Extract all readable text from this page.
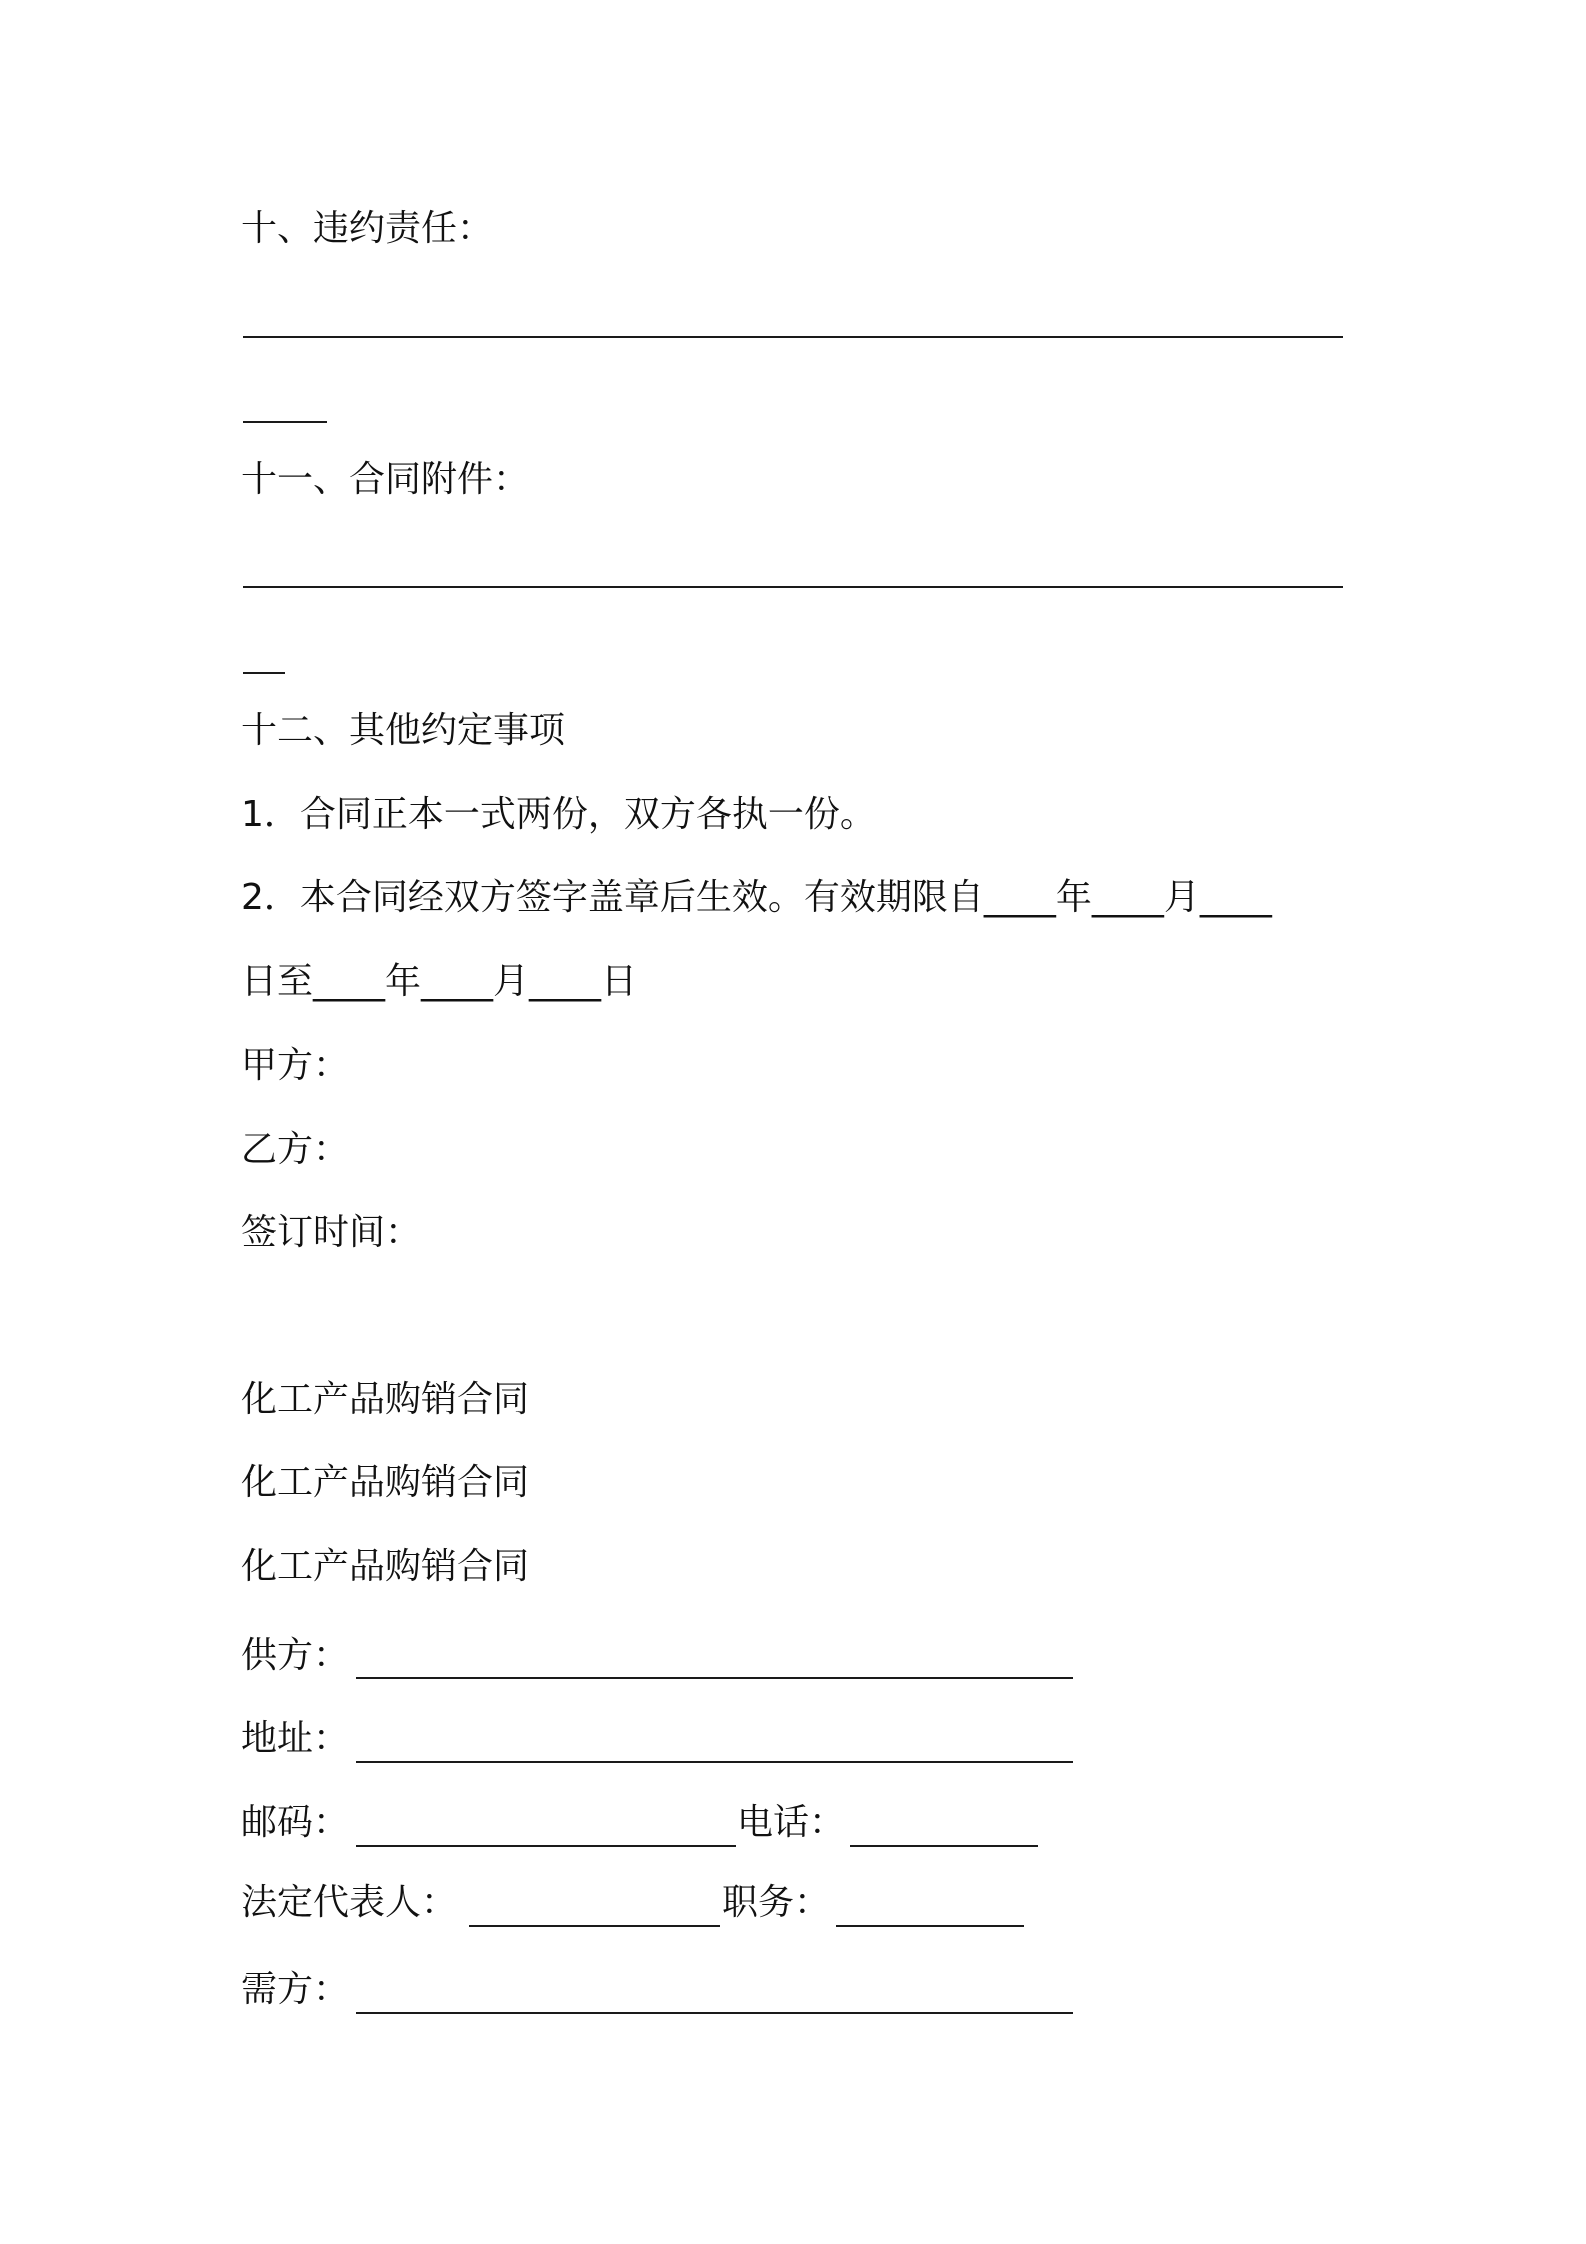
十、违约责任：

十一、合同附件：

十二、其他约定事项

1．合同正本一式两份，双方各执一份。

2．本合同经双方签字盖章后生效。有效期限自____年____月____

日至____年____月____日

甲方：

乙方：

签订时间：

化工产品购销合同

化工产品购销合同

化工产品购销合同

供方：

地址：

邮码：	电话：

法定代表人：	职务：

需方：
